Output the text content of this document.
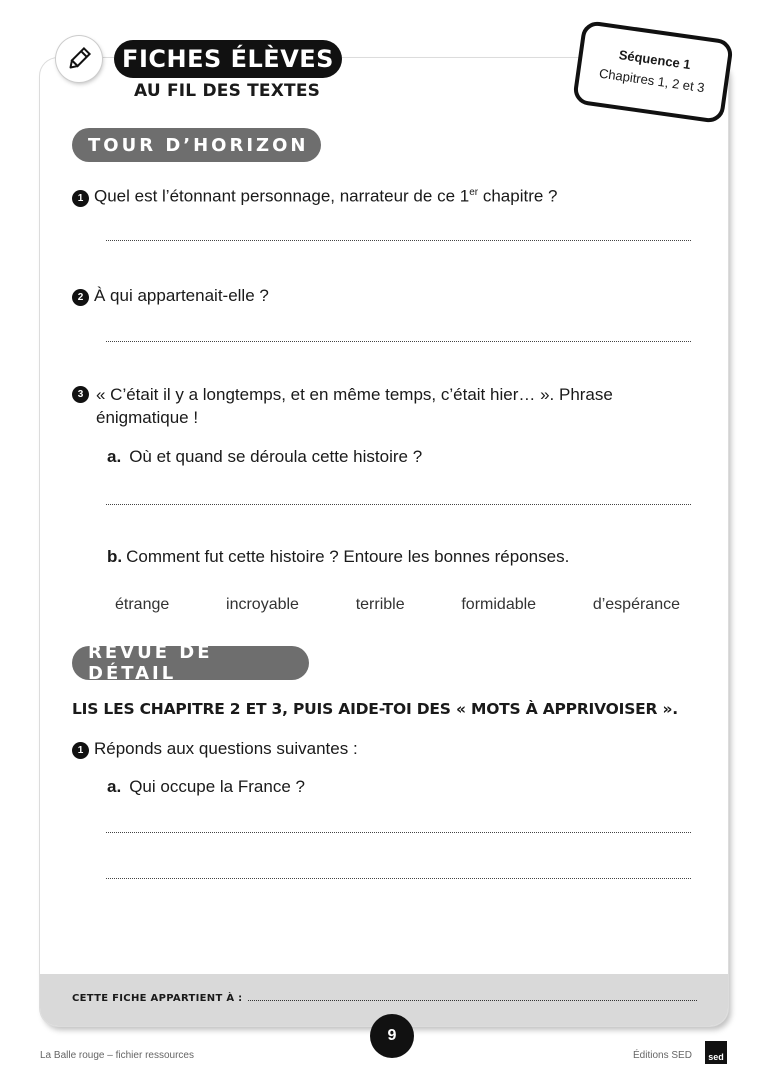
CETTE FICHE APPARTIENT À :
FICHES ÉLÈVES
AU FIL DES TEXTES
Séquence 1
Chapitres 1, 2 et 3
TOUR D’HORIZON
1 Quel est l’étonnant personnage, narrateur de ce 1er chapitre ?
2 À qui appartenait-elle ?
3 « C’était il y a longtemps, et en même temps, c’était hier… ». Phrase énigmatique !
a. Où et quand se déroula cette histoire ?
b. Comment fut cette histoire ? Entoure les bonnes réponses.
étrange	incroyable	terrible	formidable	d’espérance
REVUE DE DÉTAIL
LIS LES CHAPITRE 2 ET 3, PUIS AIDE-TOI DES « MOTS À APPRIVOISER ».
1 Réponds aux questions suivantes :
a. Qui occupe la France ?
9
La Balle rouge – fichier ressources	Éditions SED	sed
